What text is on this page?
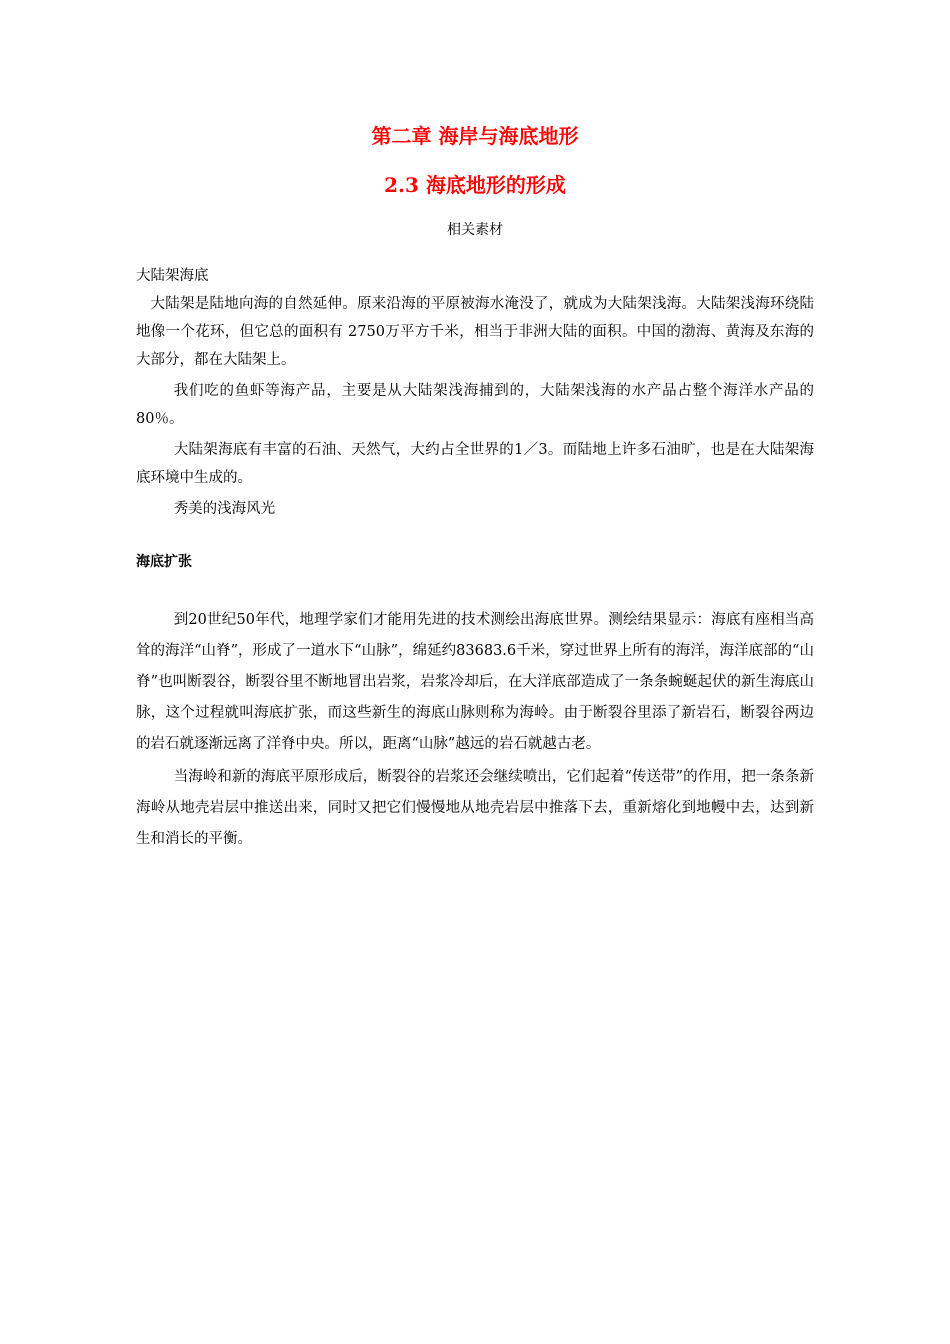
第二章 海岸与海底地形
2.3 海底地形的形成
相关素材

大陆架海底

大陆架是陆地向海的自然延伸。原来沿海的平原被海水淹没了，就成为大陆架浅海。大陆架浅海环绕陆地像一个花环，但它总的面积有 2750万平方千米，相当于非洲大陆的面积。中国的渤海、黄海及东海的大部分，都在大陆架上。

我们吃的鱼虾等海产品，主要是从大陆架浅海捕到的，大陆架浅海的水产品占整个海洋水产品的80％。

大陆架海底有丰富的石油、天然气，大约占全世界的1／3。而陆地上许多石油旷，也是在大陆架海底环境中生成的。

秀美的浅海风光

海底扩张

到20世纪50年代，地理学家们才能用先进的技术测绘出海底世界。测绘结果显示：海底有座相当高耸的海洋“山脊”，形成了一道水下“山脉”，绵延约83683.6千米，穿过世界上所有的海洋，海洋底部的“山脊”也叫断裂谷，断裂谷里不断地冒出岩浆，岩浆冷却后，在大洋底部造成了一条条蜿蜒起伏的新生海底山脉，这个过程就叫海底扩张，而这些新生的海底山脉则称为海岭。由于断裂谷里添了新岩石，断裂谷两边的岩石就逐渐远离了洋脊中央。所以，距离“山脉”越远的岩石就越古老。

当海岭和新的海底平原形成后，断裂谷的岩浆还会继续喷出，它们起着“传送带”的作用，把一条条新海岭从地壳岩层中推送出来，同时又把它们慢慢地从地壳岩层中推落下去，重新熔化到地幔中去，达到新生和消长的平衡。
